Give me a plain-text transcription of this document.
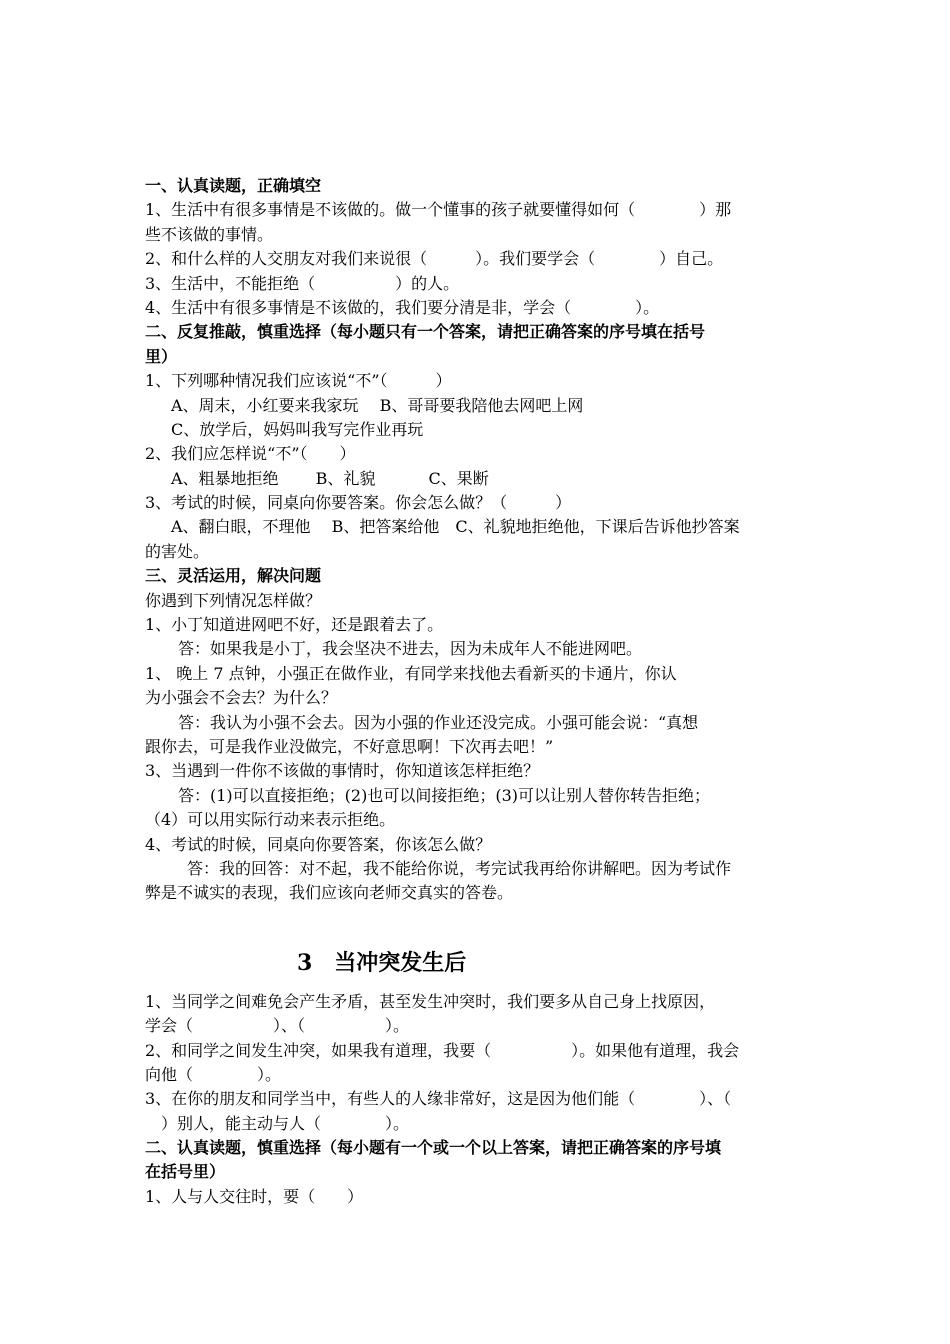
一、认真读题，正确填空
1、生活中有很多事情是不该做的。做一个懂事的孩子就要懂得如何（　　　　）那
些不该做的事情。
2、和什么样的人交朋友对我们来说很（　　　）。我们要学会（　　　　）自己。
3、生活中，不能拒绝（　　　　　）的人。
4、生活中有很多事情是不该做的，我们要分清是非，学会（　　　　）。
二、反复推敲，慎重选择（每小题只有一个答案，请把正确答案的序号填在括号
里）
1、下列哪种情况我们应该说“不”（　　　）
A、周末，小红要来我家玩　 B、哥哥要我陪他去网吧上网
C、放学后，妈妈叫我写完作业再玩
2、我们应怎样说“不”（　　）
A、粗暴地拒绝　　 B、礼貌　　　 C、果断
3、考试的时候，同桌向你要答案。你会怎么做？（　　　）
A、翻白眼，不理他　 B、把答案给他　C、礼貌地拒绝他，下课后告诉他抄答案
的害处。
三、灵活运用，解决问题
你遇到下列情况怎样做？
1、小丁知道进网吧不好，还是跟着去了。
答：如果我是小丁，我会坚决不进去，因为未成年人不能进网吧。
1、 晚上 7 点钟，小强正在做作业，有同学来找他去看新买的卡通片，你认
为小强会不会去？为什么？
答：我认为小强不会去。因为小强的作业还没完成。小强可能会说：“真想
跟你去，可是我作业没做完，不好意思啊！下次再去吧！”
3、当遇到一件你不该做的事情时，你知道该怎样拒绝？
答：(1)可以直接拒绝；(2)也可以间接拒绝；(3)可以让别人替你转告拒绝；
（4）可以用实际行动来表示拒绝。
4、考试的时候，同桌向你要答案，你该怎么做？
答：我的回答：对不起，我不能给你说，考完试我再给你讲解吧。因为考试作
弊是不诚实的表现，我们应该向老师交真实的答卷。
3　当冲突发生后
1、当同学之间难免会产生矛盾，甚至发生冲突时，我们要多从自己身上找原因，
学会（　　　　　）、（　　　　　）。
2、和同学之间发生冲突，如果我有道理，我要（　　　　　）。如果他有道理，我会
向他（　　　　）。
3、在你的朋友和同学当中，有些人的人缘非常好，这是因为他们能（　　　　）、（
　）别人，能主动与人（　　　　）。
二、认真读题，慎重选择（每小题有一个或一个以上答案，请把正确答案的序号填
在括号里）
1、人与人交往时，要（　　）
